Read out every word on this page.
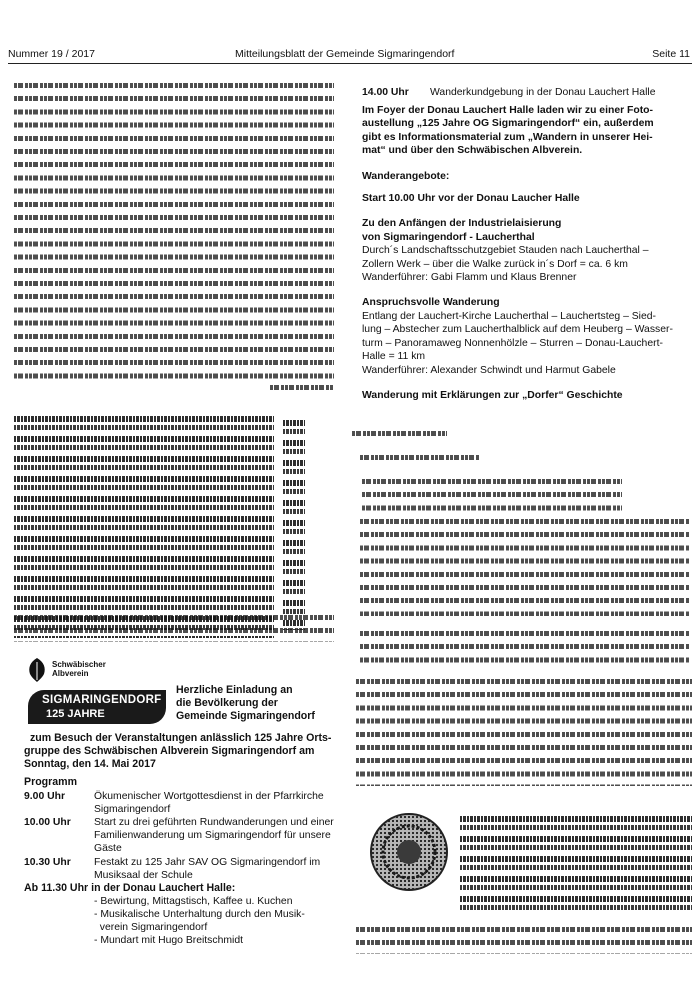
Nummer 19 / 2017	Mitteilungsblatt der Gemeinde Sigmaringendorf	Seite 11
14.00 Uhr Wanderkundgebung in der Donau Lauchert Halle
Im Foyer der Donau Lauchert Halle laden wir zu einer Foto-
austellung „125 Jahre OG Sigmaringendorf“ ein, außerdem
gibt es Informationsmaterial zum „Wandern in unserer Hei-
mat“ und über den Schwäbischen Albverein.
Wanderangebote:
Start 10.00 Uhr vor der Donau Laucher Halle
Zu den Anfängen der Industrielaisierung
von Sigmaringendorf - Laucherthal
Durch´s Landschaftsschutzgebiet Stauden nach Laucherthal –
Zollern Werk – über die Walke zurück in´s Dorf = ca. 6 km
Wanderführer: Gabi Flamm und Klaus Brenner
Anspruchsvolle Wanderung
Entlang der Lauchert-Kirche Laucherthal – Lauchertsteg – Sied-
lung – Abstecher zum Laucherthalblick auf dem Heuberg – Wasser-
turm – Panoramaweg Nonnenhölzle – Sturren – Donau-Lauchert-
Halle = 11 km
Wanderführer: Alexander Schwindt und Harmut Gabele
Wanderung mit Erklärungen zur „Dorfer“ Geschichte
Schwäbischer
Albverein
SIGMARINGENDORF
125 JAHRE
Herzliche Einladung an
die Bevölkerung der
Gemeinde Sigmaringendorf
zum Besuch der Veranstaltungen anlässlich 125 Jahre Orts-
gruppe des Schwäbischen Albverein Sigmaringendorf am
Sonntag, den 14. Mai 2017
Programm
9.00 Uhr	Ökumenischer Wortgottesdienst in der Pfarrkirche
Sigmaringendorf
10.00 Uhr	Start zu drei geführten Rundwanderungen und einer
Familienwanderung um Sigmaringendorf für unsere
Gäste
10.30 Uhr	Festakt zu 125 Jahr SAV OG Sigmaringendorf im
Musiksaal der Schule
Ab 11.30 Uhr in der Donau Lauchert Halle:
- Bewirtung, Mittagstisch, Kaffee u. Kuchen
- Musikalische Unterhaltung durch den Musik-
verein Sigmaringendorf
- Mundart mit Hugo Breitschmidt
